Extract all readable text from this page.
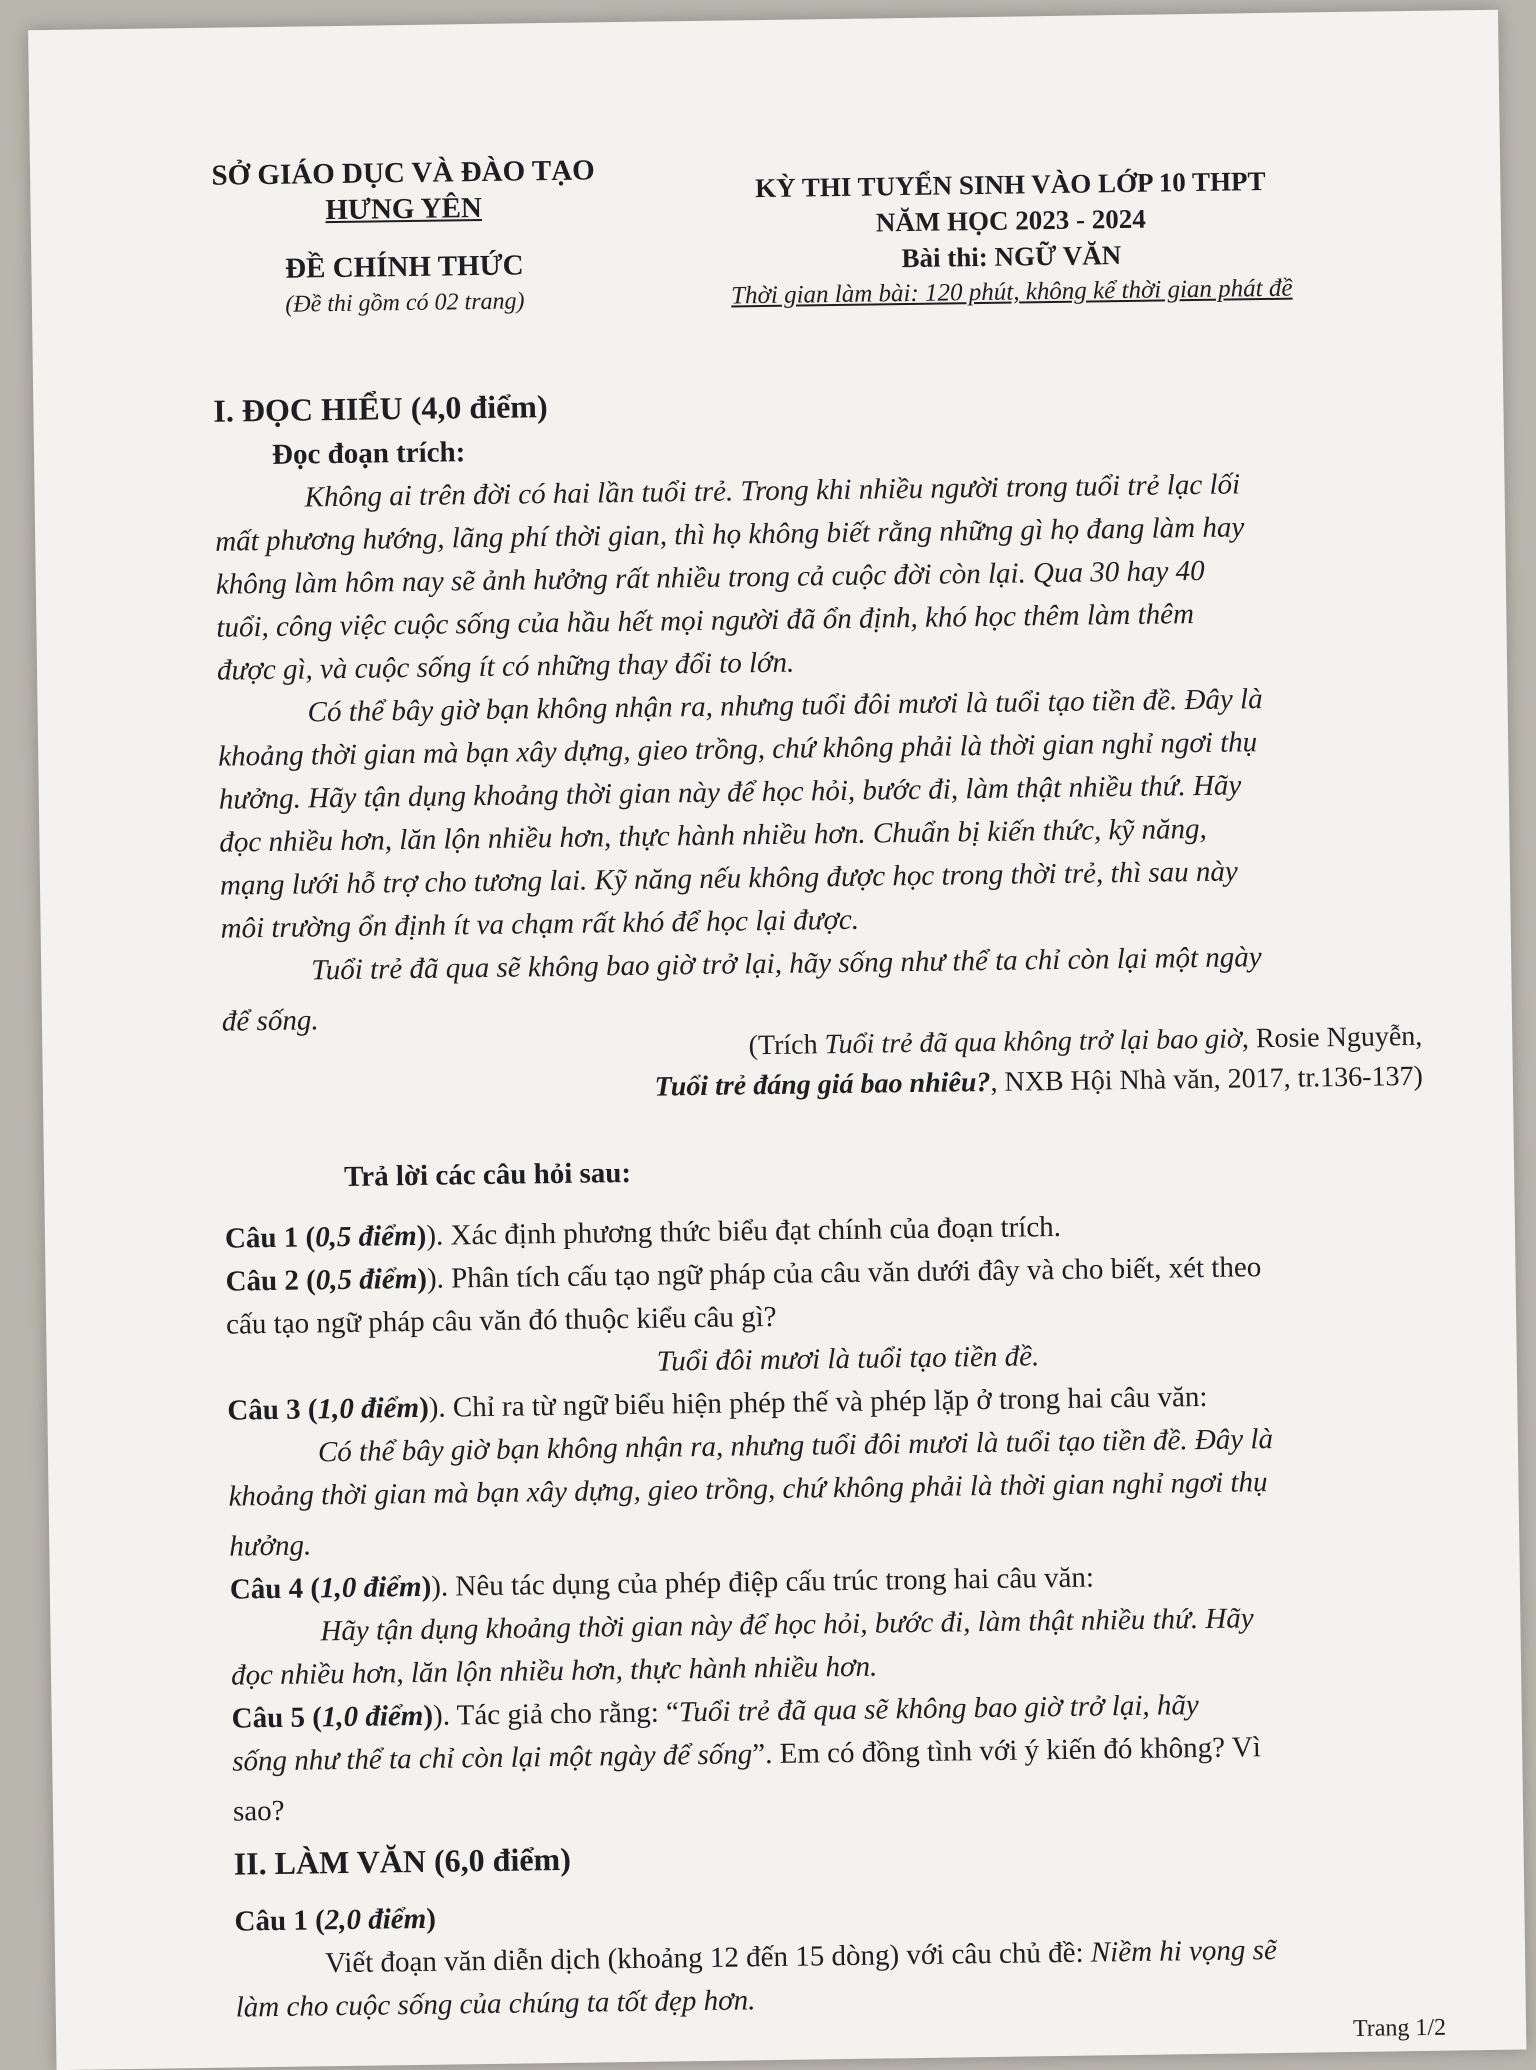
SỞ GIÁO DỤC VÀ ĐÀO TẠO
HƯNG YÊN
ĐỀ CHÍNH THỨC
(Đề thi gồm có 02 trang)
KỲ THI TUYỂN SINH VÀO LỚP 10 THPT
NĂM HỌC 2023 - 2024
Bài thi: NGỮ VĂN
Thời gian làm bài: 120 phút, không kể thời gian phát đề
I. ĐỌC HIỂU (4,0 điểm)
Đọc đoạn trích:
Không ai trên đời có hai lần tuổi trẻ. Trong khi nhiều người trong tuổi trẻ lạc lối
mất phương hướng, lãng phí thời gian, thì họ không biết rằng những gì họ đang làm hay
không làm hôm nay sẽ ảnh hưởng rất nhiều trong cả cuộc đời còn lại. Qua 30 hay 40
tuổi, công việc cuộc sống của hầu hết mọi người đã ổn định, khó học thêm làm thêm
được gì, và cuộc sống ít có những thay đổi to lớn.
Có thể bây giờ bạn không nhận ra, nhưng tuổi đôi mươi là tuổi tạo tiền đề. Đây là
khoảng thời gian mà bạn xây dựng, gieo trồng, chứ không phải là thời gian nghỉ ngơi thụ
hưởng. Hãy tận dụng khoảng thời gian này để học hỏi, bước đi, làm thật nhiều thứ. Hãy
đọc nhiều hơn, lăn lộn nhiều hơn, thực hành nhiều hơn. Chuẩn bị kiến thức, kỹ năng,
mạng lưới hỗ trợ cho tương lai. Kỹ năng nếu không được học trong thời trẻ, thì sau này
môi trường ổn định ít va chạm rất khó để học lại được.
Tuổi trẻ đã qua sẽ không bao giờ trở lại, hãy sống như thể ta chỉ còn lại một ngày
để sống.
(Trích Tuổi trẻ đã qua không trở lại bao giờ, Rosie Nguyễn,
Tuổi trẻ đáng giá bao nhiêu?, NXB Hội Nhà văn, 2017, tr.136-137)
Trả lời các câu hỏi sau:
Câu 1 (0,5 điểm)). Xác định phương thức biểu đạt chính của đoạn trích.
Câu 2 (0,5 điểm)). Phân tích cấu tạo ngữ pháp của câu văn dưới đây và cho biết, xét theo
cấu tạo ngữ pháp câu văn đó thuộc kiểu câu gì?
Tuổi đôi mươi là tuổi tạo tiền đề.
Câu 3 (1,0 điểm)). Chỉ ra từ ngữ biểu hiện phép thế và phép lặp ở trong hai câu văn:
Có thể bây giờ bạn không nhận ra, nhưng tuổi đôi mươi là tuổi tạo tiền đề. Đây là
khoảng thời gian mà bạn xây dựng, gieo trồng, chứ không phải là thời gian nghỉ ngơi thụ
hưởng.
Câu 4 (1,0 điểm)). Nêu tác dụng của phép điệp cấu trúc trong hai câu văn:
Hãy tận dụng khoảng thời gian này để học hỏi, bước đi, làm thật nhiều thứ. Hãy
đọc nhiều hơn, lăn lộn nhiều hơn, thực hành nhiều hơn.
Câu 5 (1,0 điểm)). Tác giả cho rằng: “Tuổi trẻ đã qua sẽ không bao giờ trở lại, hãy
sống như thể ta chỉ còn lại một ngày để sống”. Em có đồng tình với ý kiến đó không? Vì
sao?
II. LÀM VĂN (6,0 điểm)
Câu 1 (2,0 điểm)
Viết đoạn văn diễn dịch (khoảng 12 đến 15 dòng) với câu chủ đề: Niềm hi vọng sẽ
làm cho cuộc sống của chúng ta tốt đẹp hơn.
Trang 1/2
